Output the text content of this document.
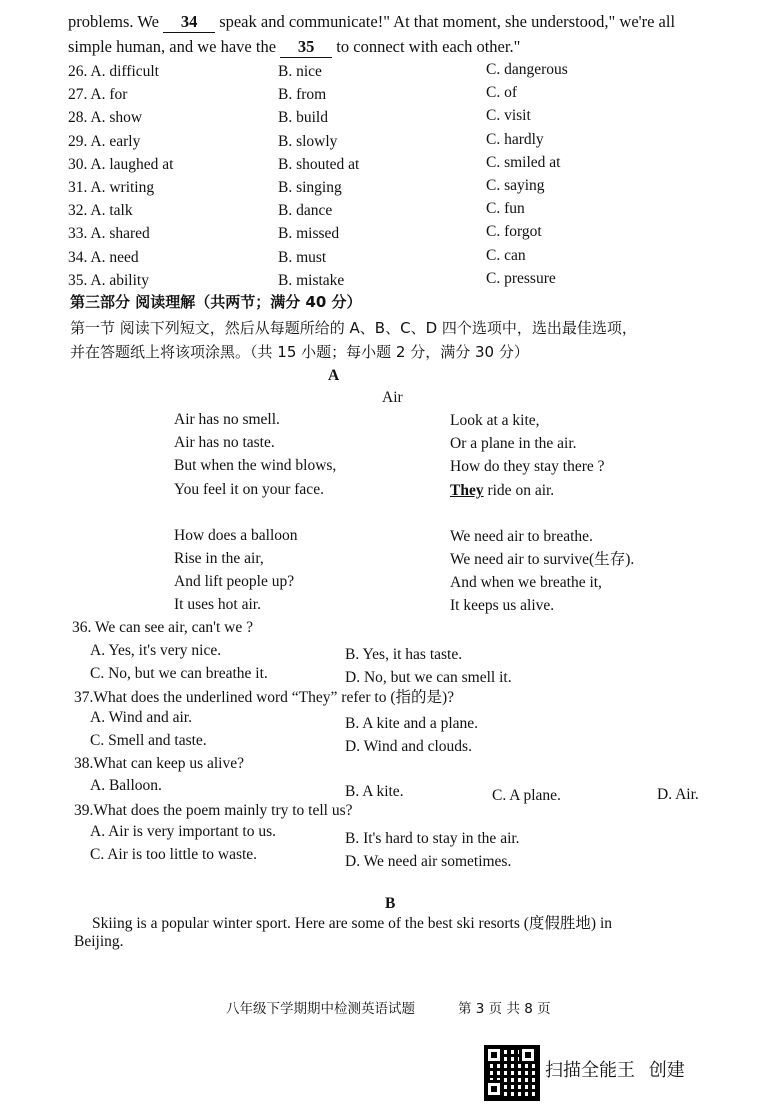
problems. We 34 speak and communicate!" At that moment, she understood," we're all
simple human, and we have the 35 to connect with each other."
26. A. difficult	B. nice	C. dangerous
27. A. for	B. from	C. of
28. A. show	B. build	C. visit
29. A. early	B. slowly	C. hardly
30. A. laughed at	B. shouted at	C. smiled at
31. A. writing	B. singing	C. saying
32. A. talk	B. dance	C. fun
33. A. shared	B. missed	C. forgot
34. A. need	B. must	C. can
35. A. ability	B. mistake	C. pressure
第三部分 阅读理解（共两节；满分 40 分）
第一节 阅读下列短文，然后从每题所给的 A、B、C、D 四个选项中，选出最佳选项，
并在答题纸上将该项涂黑。（共 15 小题；每小题 2 分，满分 30 分）
A
Air
Air has no smell.
Air has no taste.
But when the wind blows,
You feel it on your face.
How does a balloon
Rise in the air,
And lift people up?
It uses hot air.
Look at a kite,
Or a plane in the air.
How do they stay there ?
They ride on air.
We need air to breathe.
We need air to survive(生存).
And when we breathe it,
It keeps us alive.
36. We can see air, can't we ?
A. Yes, it's very nice.	B. Yes, it has taste.
C. No, but we can breathe it.	D. No, but we can smell it.
37.What does the underlined word “They” refer to (指的是)?
A. Wind and air.	B. A kite and a plane.
C. Smell and taste.	D. Wind and clouds.
38.What can keep us alive?
A. Balloon.	B. A kite.	C. A plane.	D. Air.
39.What does the poem mainly try to tell us?
A. Air is very important to us.	B. It's hard to stay in the air.
C. Air is too little to waste.	D. We need air sometimes.
B
Skiing is a popular winter sport. Here are some of the best ski resorts (度假胜地) in
Beijing.
八年级下学期期中检测英语试题	第 3 页 共 8 页
扫描全能王 创建
